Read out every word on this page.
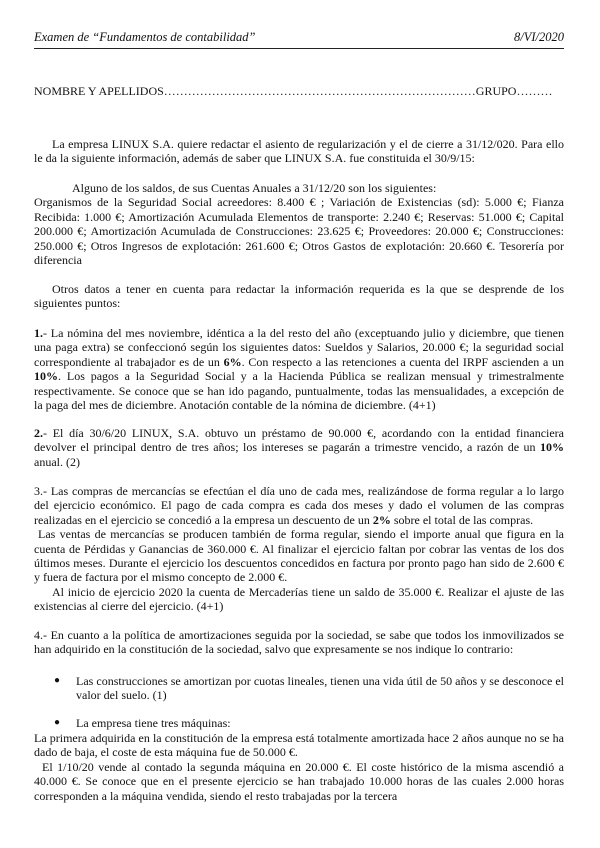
Examen de “Fundamentos de contabilidad”	8/VI/2020
NOMBRE Y APELLIDOS……………………………………………………………………GRUPO………

La empresa LINUX S.A. quiere redactar el asiento de regularización y el de cierre a 31/12/020. Para ello le da la siguiente información, además de saber que LINUX S.A. fue constituida el 30/9/15:

Alguno de los saldos, de sus Cuentas Anuales a 31/12/20 son los siguientes:

Organismos de la Seguridad Social acreedores: 8.400 € ; Variación de Existencias (sd): 5.000 €; Fianza Recibida: 1.000 €; Amortización Acumulada Elementos de transporte: 2.240 €; Reservas: 51.000 €; Capital 200.000 €; Amortización Acumulada de Construcciones: 23.625 €; Proveedores: 20.000 €; Construcciones: 250.000 €; Otros Ingresos de explotación: 261.600 €; Otros Gastos de explotación: 20.660 €. Tesorería por diferencia

Otros datos a tener en cuenta para redactar la información requerida es la que se desprende de los siguientes puntos:

1.- La nómina del mes noviembre, idéntica a la del resto del año (exceptuando julio y diciembre, que tienen una paga extra) se confeccionó según los siguientes datos: Sueldos y Salarios, 20.000 €; la seguridad social correspondiente al trabajador es de un 6%. Con respecto a las retenciones a cuenta del IRPF ascienden a un 10%. Los pagos a la Seguridad Social y a la Hacienda Pública se realizan mensual y trimestralmente respectivamente. Se conoce que se han ido pagando, puntualmente, todas las mensualidades, a excepción de la paga del mes de diciembre. Anotación contable de la nómina de diciembre. (4+1)

2.- El día 30/6/20 LINUX, S.A. obtuvo un préstamo de 90.000 €, acordando con la entidad financiera devolver el principal dentro de tres años; los intereses se pagarán a trimestre vencido, a razón de un 10% anual. (2)

3.- Las compras de mercancías se efectúan el día uno de cada mes, realizándose de forma regular a lo largo del ejercicio económico. El pago de cada compra es cada dos meses y dado el volumen de las compras realizadas en el ejercicio se concedió a la empresa un descuento de un 2% sobre el total de las compras.

Las ventas de mercancías se producen también de forma regular, siendo el importe anual que figura en la cuenta de Pérdidas y Ganancias de 360.000 €. Al finalizar el ejercicio faltan por cobrar las ventas de los dos últimos meses. Durante el ejercicio los descuentos concedidos en factura por pronto pago han sido de 2.600 € y fuera de factura por el mismo concepto de 2.000 €.

Al inicio de ejercicio 2020 la cuenta de Mercaderías tiene un saldo de 35.000 €. Realizar el ajuste de las existencias al cierre del ejercicio. (4+1)

4.- En cuanto a la política de amortizaciones seguida por la sociedad, se sabe que todos los inmovilizados se han adquirido en la constitución de la sociedad, salvo que expresamente se nos indique lo contrario:

●	Las construcciones se amortizan por cuotas lineales, tienen una vida útil de 50 años y se desconoce el valor del suelo. (1)
●	La empresa tiene tres máquinas:

La primera adquirida en la constitución de la empresa está totalmente amortizada hace 2 años aunque no se ha dado de baja, el coste de esta máquina fue de 50.000 €.

El 1/10/20 vende al contado la segunda máquina en 20.000 €. El coste histórico de la misma ascendió a 40.000 €. Se conoce que en el presente ejercicio se han trabajado 10.000 horas de las cuales 2.000 horas corresponden a la máquina vendida, siendo el resto trabajadas por la tercera
